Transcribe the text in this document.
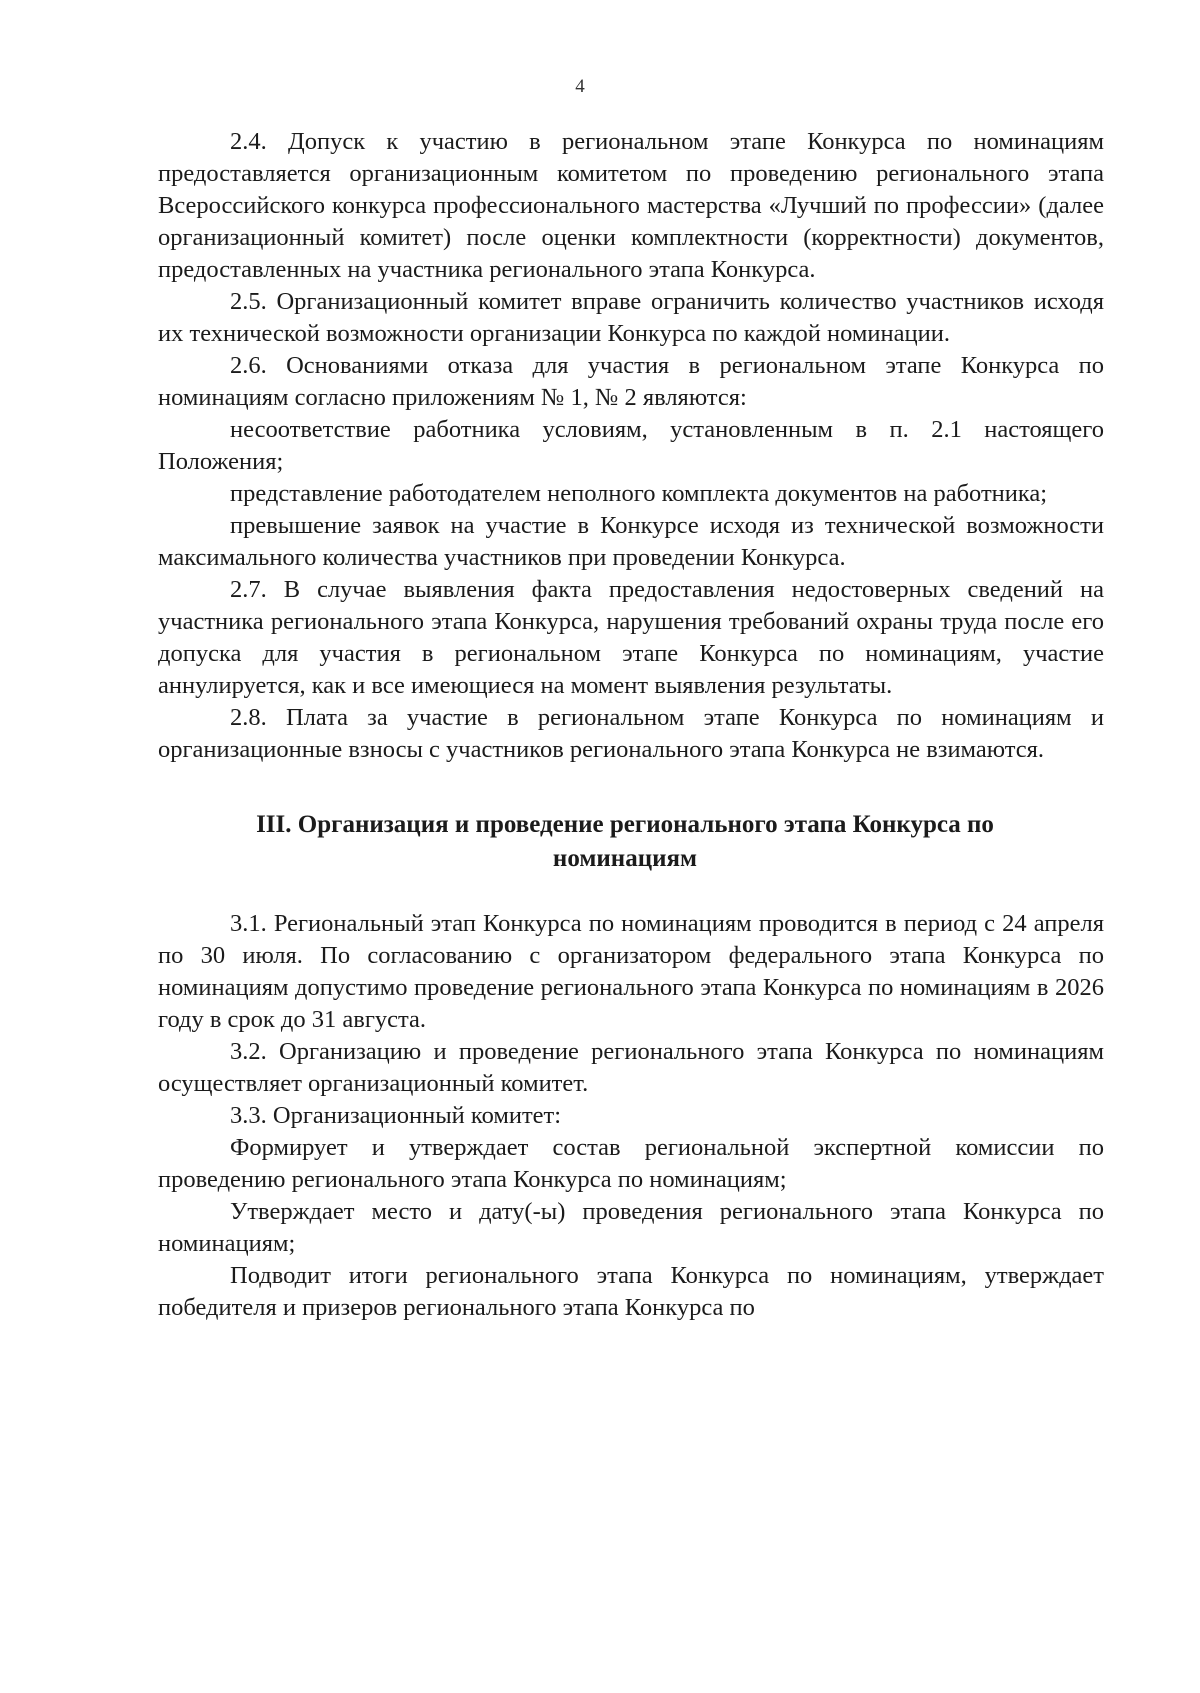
4

2.4. Допуск к участию в региональном этапе Конкурса по номинациям предоставляется организационным комитетом по проведению регионального этапа Всероссийского конкурса профессионального мастерства «Лучший по профессии» (далее организационный комитет) после оценки комплектности (корректности) документов, предоставленных на участника регионального этапа Конкурса.

2.5. Организационный комитет вправе ограничить количество участников исходя их технической возможности организации Конкурса по каждой номинации.

2.6. Основаниями отказа для участия в региональном этапе Конкурса по номинациям согласно приложениям № 1, № 2 являются:

несоответствие работника условиям, установленным в п. 2.1 настоящего Положения;

представление работодателем неполного комплекта документов на работника;

превышение заявок на участие в Конкурсе исходя из технической возможности максимального количества участников при проведении Конкурса.

2.7. В случае выявления факта предоставления недостоверных сведений на участника регионального этапа Конкурса, нарушения требований охраны труда после его допуска для участия в региональном этапе Конкурса по номинациям, участие аннулируется, как и все имеющиеся на момент выявления результаты.

2.8. Плата за участие в региональном этапе Конкурса по номинациям и организационные взносы с участников регионального этапа Конкурса не взимаются.

III. Организация и проведение регионального этапа Конкурса по
номинациям

3.1. Региональный этап Конкурса по номинациям проводится в период с 24 апреля по 30 июля. По согласованию с организатором федерального этапа Конкурса по номинациям допустимо проведение регионального этапа Конкурса по номинациям в 2026 году в срок до 31 августа.

3.2. Организацию и проведение регионального этапа Конкурса по номинациям осуществляет организационный комитет.

3.3. Организационный комитет:

Формирует и утверждает состав региональной экспертной комиссии по проведению регионального этапа Конкурса по номинациям;

Утверждает место и дату(-ы) проведения регионального этапа Конкурса по номинациям;

Подводит итоги регионального этапа Конкурса по номинациям, утверждает победителя и призеров регионального этапа Конкурса по
